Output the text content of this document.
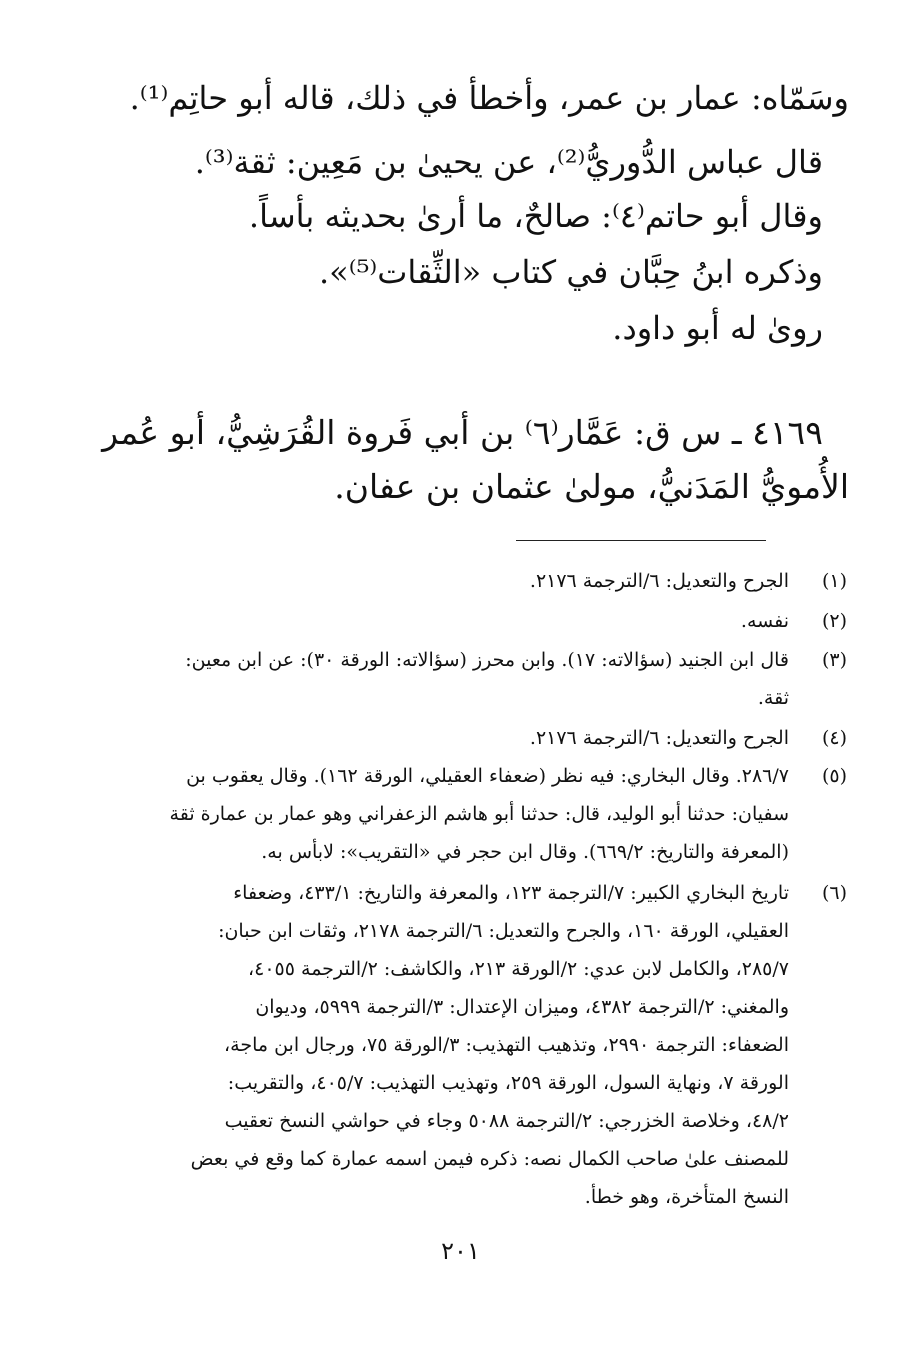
وسَمّاه: عمار بن عمر، وأخطأ في ذلك، قاله أبو حاتِم⁽¹⁾.
قال عباس الدُّوريُّ⁽²⁾، عن يحيىٰ بن مَعِين: ثقة⁽³⁾.
وقال أبو حاتم⁽٤⁾: صالحٌ، ما أرىٰ بحديثه بأساً.
وذكره ابنُ حِبَّان في كتاب «الثِّقات⁽⁵⁾».
روىٰ له أبو داود.
٤١٦٩ ـ س ق: عَمَّار⁽٦⁾ بن أبي فَروة القُرَشِيُّ، أبو عُمر
الأُمويُّ المَدَنيُّ، مولىٰ عثمان بن عفان.
(١)
الجرح والتعديل: ٦/الترجمة ٢١٧٦.
(٢)
نفسه.
(٣)
قال ابن الجنيد (سؤالاته: ١٧). وابن محرز (سؤالاته: الورقة ٣٠): عن ابن معين:
ثقة.
(٤)
الجرح والتعديل: ٦/الترجمة ٢١٧٦.
(٥)
٢٨٦/٧. وقال البخاري: فيه نظر (ضعفاء العقيلي، الورقة ١٦٢). وقال يعقوب بن
سفيان: حدثنا أبو الوليد، قال: حدثنا أبو هاشم الزعفراني وهو عمار بن عمارة ثقة
(المعرفة والتاريخ: ٦٦٩/٢). وقال ابن حجر في «التقريب»: لابأس به.
(٦)
تاريخ البخاري الكبير: ٧/الترجمة ١٢٣، والمعرفة والتاريخ: ٤٣٣/١، وضعفاء
العقيلي، الورقة ١٦٠، والجرح والتعديل: ٦/الترجمة ٢١٧٨، وثقات ابن حبان:
٢٨٥/٧، والكامل لابن عدي: ٢/الورقة ٢١٣، والكاشف: ٢/الترجمة ٤٠٥٥،
والمغني: ٢/الترجمة ٤٣٨٢، وميزان الإعتدال: ٣/الترجمة ٥٩٩٩، وديوان
الضعفاء: الترجمة ٢٩٩٠، وتذهيب التهذيب: ٣/الورقة ٧٥، ورجال ابن ماجة،
الورقة ٧، ونهاية السول، الورقة ٢٥٩، وتهذيب التهذيب: ٤٠٥/٧، والتقريب:
٤٨/٢، وخلاصة الخزرجي: ٢/الترجمة ٥٠٨٨ وجاء في حواشي النسخ تعقيب
للمصنف علىٰ صاحب الكمال نصه: ذكره فيمن اسمه عمارة كما وقع في بعض
النسخ المتأخرة، وهو خطأ.
٢٠١
